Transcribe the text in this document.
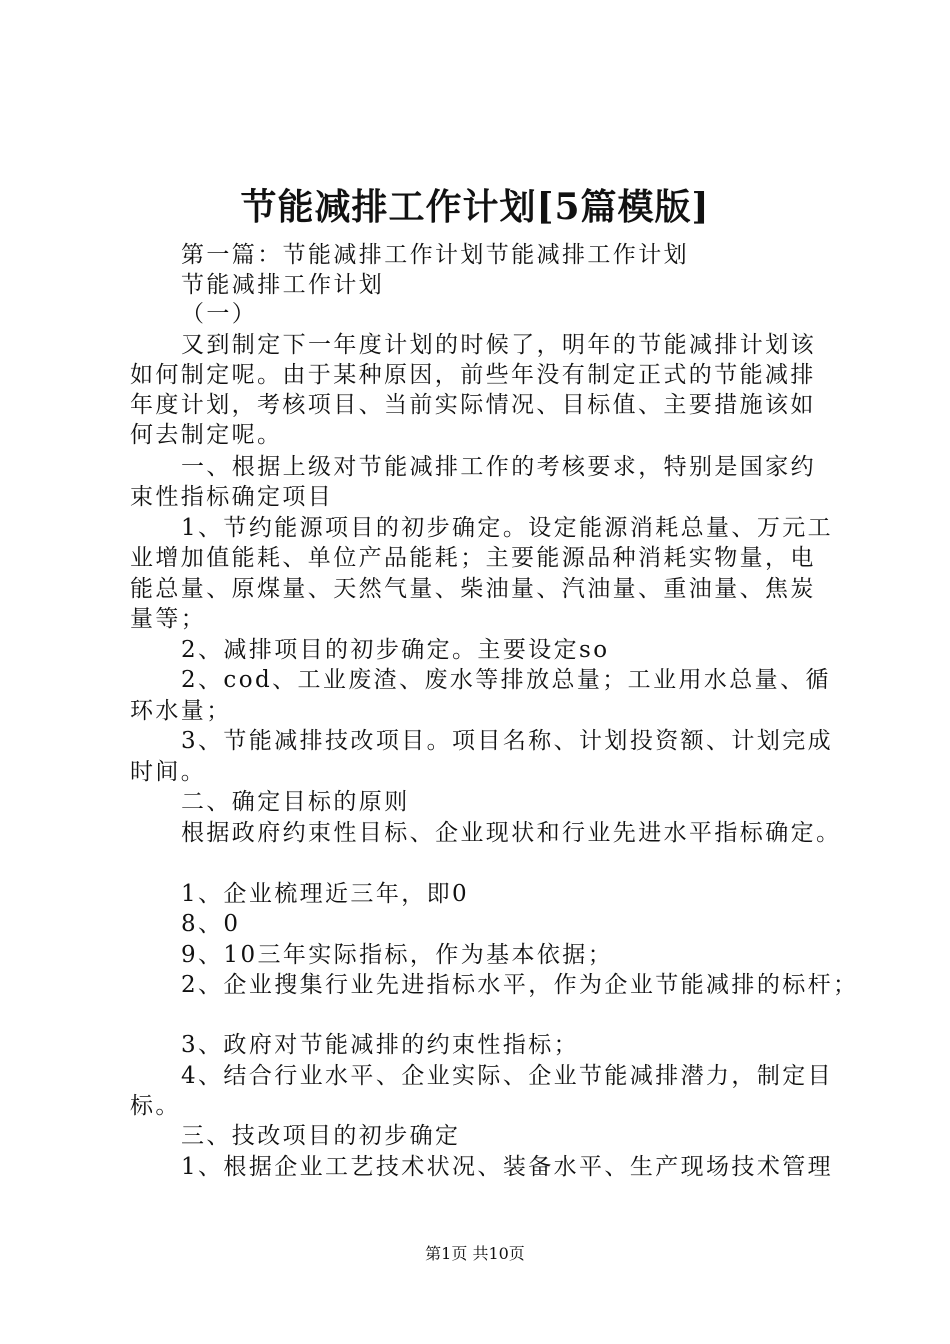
节能减排工作计划[5篇模版]
第一篇：节能减排工作计划节能减排工作计划
节能减排工作计划
（一）
又到制定下一年度计划的时候了，明年的节能减排计划该
如何制定呢。由于某种原因，前些年没有制定正式的节能减排
年度计划，考核项目、当前实际情况、目标值、主要措施该如
何去制定呢。
一、根据上级对节能减排工作的考核要求，特别是国家约
束性指标确定项目
1、节约能源项目的初步确定。设定能源消耗总量、万元工
业增加值能耗、单位产品能耗；主要能源品种消耗实物量，电
能总量、原煤量、天然气量、柴油量、汽油量、重油量、焦炭
量等；
2、减排项目的初步确定。主要设定so
2、cod、工业废渣、废水等排放总量；工业用水总量、循
环水量；
3、节能减排技改项目。项目名称、计划投资额、计划完成
时间。
二、确定目标的原则
根据政府约束性目标、企业现状和行业先进水平指标确定。
1、企业梳理近三年，即0
8、0
9、10三年实际指标，作为基本依据；
2、企业搜集行业先进指标水平，作为企业节能减排的标杆；
3、政府对节能减排的约束性指标；
4、结合行业水平、企业实际、企业节能减排潜力，制定目
标。
三、技改项目的初步确定
1、根据企业工艺技术状况、装备水平、生产现场技术管理
第1页 共10页
